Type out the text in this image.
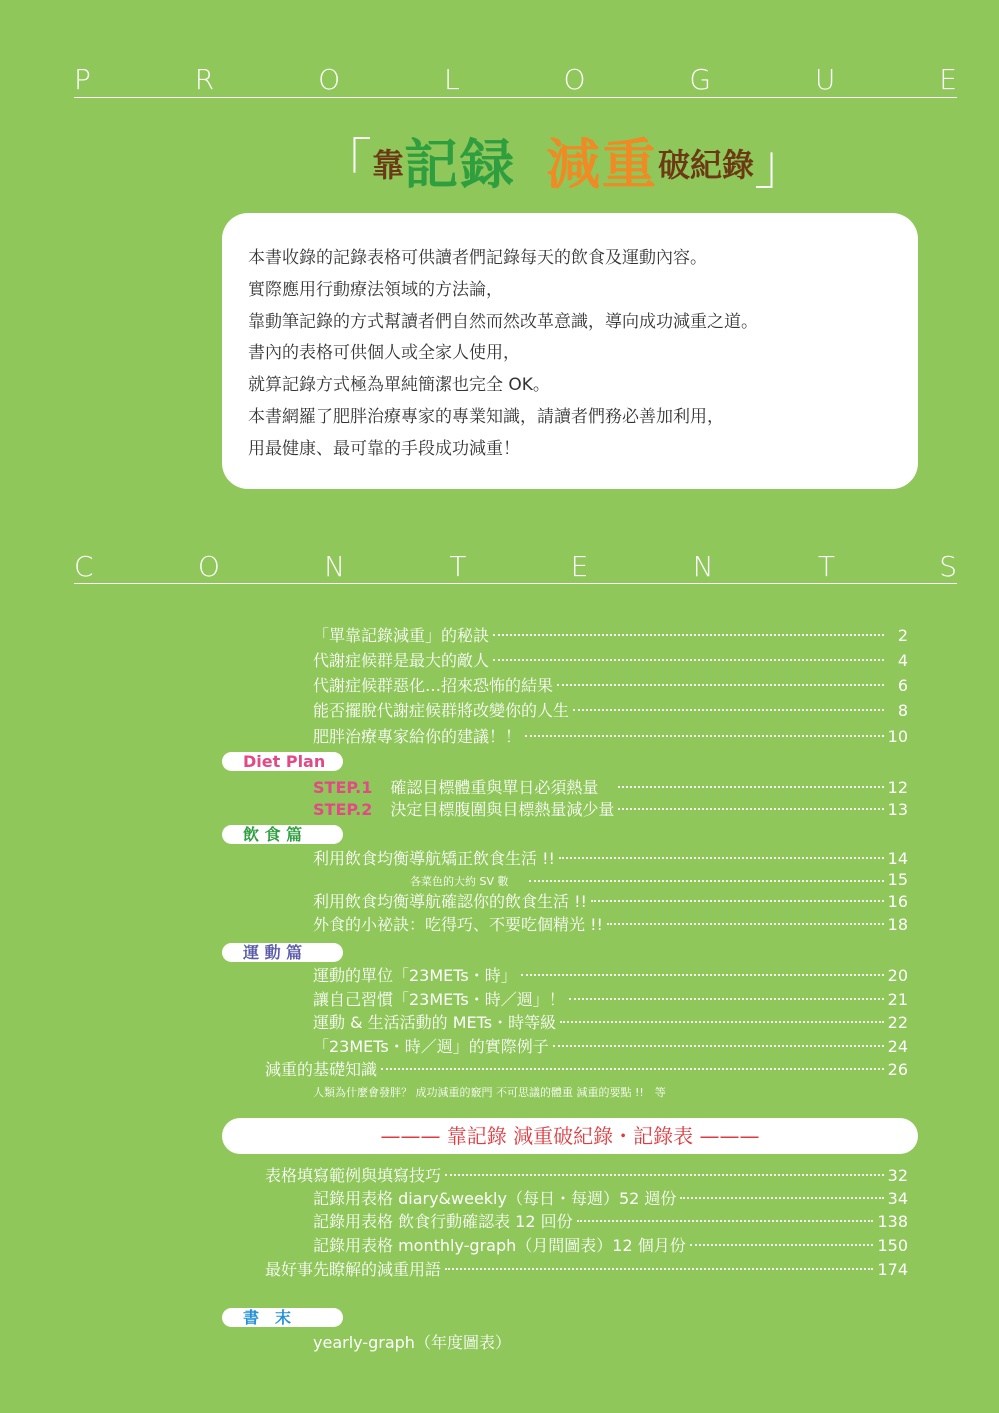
P	R	O	L	O	G	U	E
「靠記録 減重破紀錄」

本書收錄的記錄表格可供讀者們記錄每天的飲食及運動內容。

實際應用行動療法領域的方法論，

靠動筆記錄的方式幫讀者們自然而然改革意識，導向成功減重之道。

書內的表格可供個人或全家人使用，

就算記錄方式極為單純簡潔也完全 OK。

本書網羅了肥胖治療專家的專業知識，請讀者們務必善加利用，

用最健康、最可靠的手段成功減重！

C	O	N	T	E	N	T	S
「單靠記錄減重」的秘訣	2
代謝症候群是最大的敵人	4
代謝症候群惡化…招來恐怖的結果	6
能否擺脫代謝症候群將改變你的人生	8
肥胖治療專家給你的建議！！	10
Diet Plan
STEP.1 確認目標體重與單日必須熱量	12
STEP.2 決定目標腹圍與目標熱量減少量	13
飲 食 篇
利用飲食均衡導航矯正飲食生活 !!	14
各菜色的大約 SV 數	15
利用飲食均衡導航確認你的飲食生活 !!	16
外食的小祕訣：吃得巧、不要吃個精光 !!	18
運 動 篇
運動的單位「23METs・時」	20
讓自己習慣「23METs・時／週」！	21
運動 & 生活活動的 METs・時等級	22
「23METs・時／週」的實際例子	24
減重的基礎知識	26
人類為什麼會發胖？ 成功減重的竅門 不可思議的體重 減重的要點 !!　等
——— 靠記錄 減重破紀錄・記錄表 ———
表格填寫範例與填寫技巧	32
記錄用表格 diary&weekly（每日・每週）52 週份	34
記錄用表格 飲食行動確認表 12 回份	138
記錄用表格 monthly-graph（月間圖表）12 個月份	150
最好事先瞭解的減重用語	174
書　末
yearly-graph（年度圖表）
